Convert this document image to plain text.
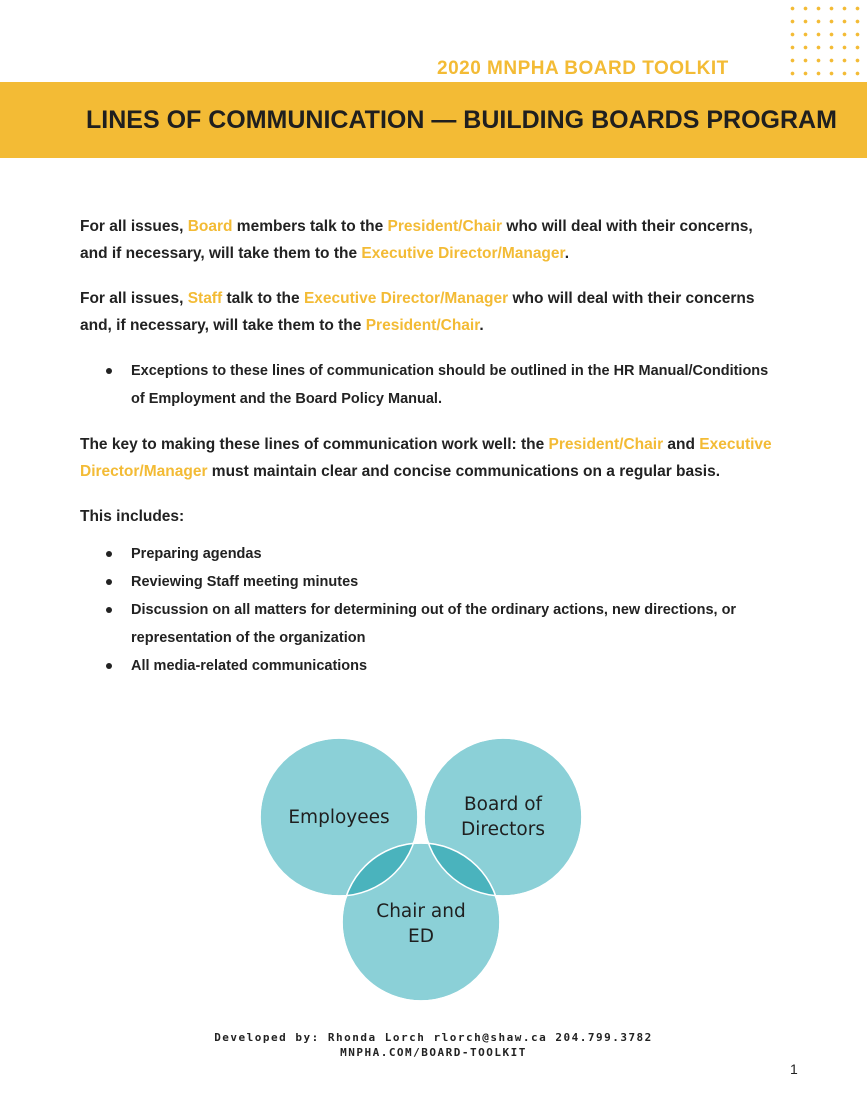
2020 MNPHA BOARD TOOLKIT
LINES OF COMMUNICATION — BUILDING BOARDS PROGRAM

For all issues, Board members talk to the President/Chair who will deal with their concerns, and if necessary, will take them to the Executive Director/Manager.

For all issues, Staff talk to the Executive Director/Manager who will deal with their concerns and, if necessary, will take them to the President/Chair.

Exceptions to these lines of communication should be outlined in the HR Manual/Conditions of Employment and the Board Policy Manual.

The key to making these lines of communication work well: the President/Chair and Executive Director/Manager must maintain clear and concise communications on a regular basis.

This includes:

Preparing agendas
Reviewing Staff meeting minutes
Discussion on all matters for determining out of the ordinary actions, new directions, or representation of the organization
All media-related communications
Employees
Board of
Directors
Chair and
ED
Developed by: Rhonda Lorch rlorch@shaw.ca 204.799.3782
MNPHA.COM/BOARD-TOOLKIT
1
